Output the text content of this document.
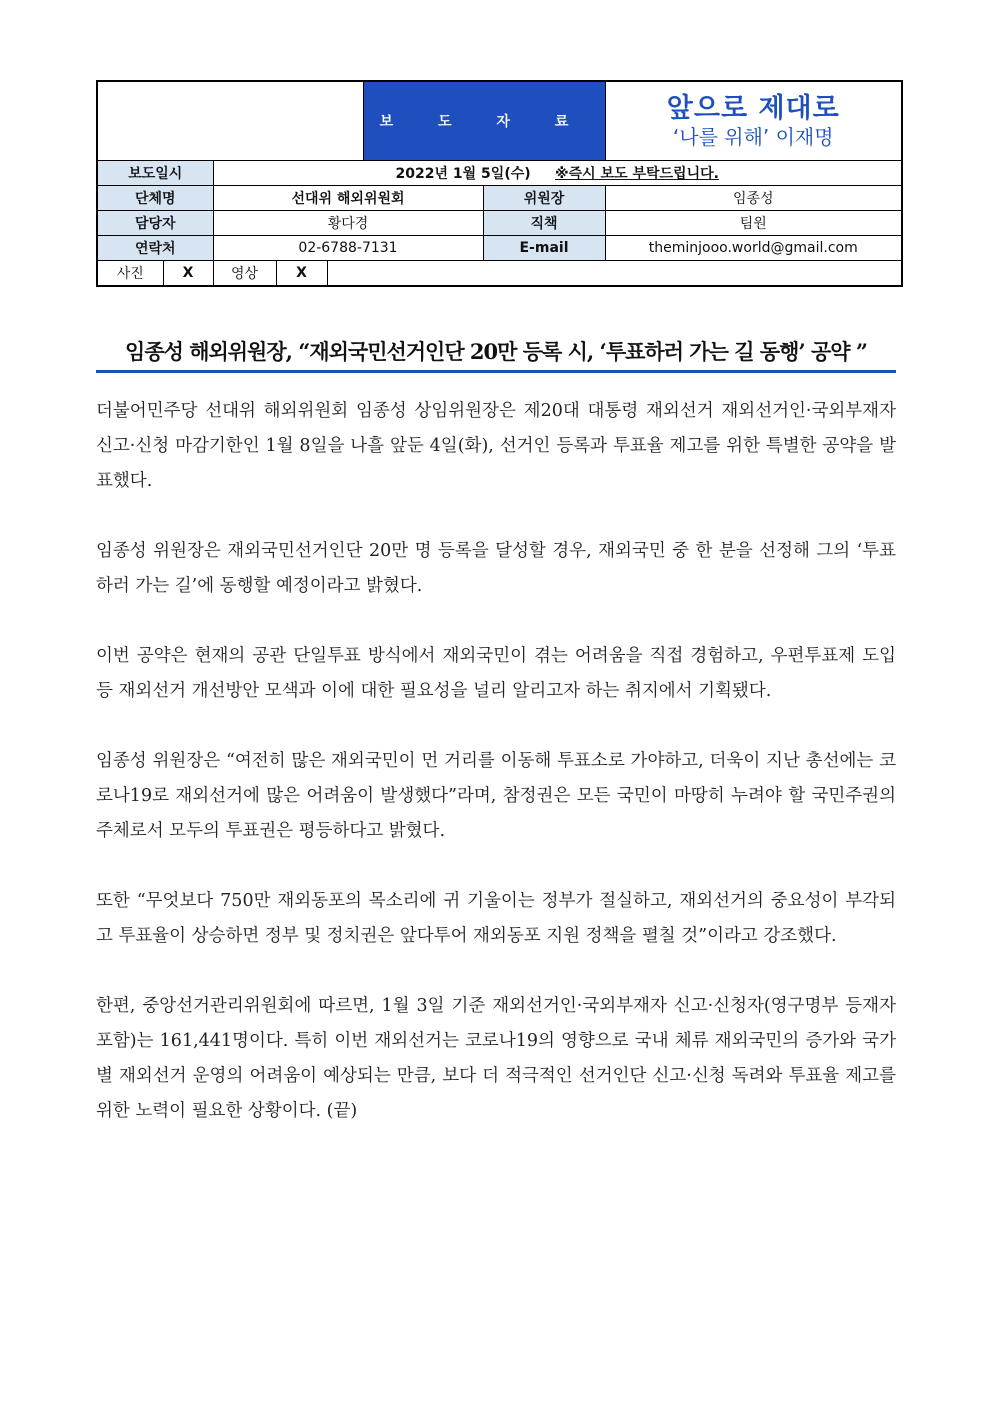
	보 도 자 료	앞으로 제대로
‘나를 위해’ 이재명

보도일시	2022년 1월 5일(수) ※즉시 보도 부탁드립니다.
단체명	선대위 해외위원회	위원장	임종성
담당자	황다경	직책	팀원
연락처	02-6788-7131	E-mail	theminjooo.world@gmail.com
사진	X		영상	X
임종성 해외위원장, “재외국민선거인단 20만 등록 시, ‘투표하러 가는 길 동행’ 공약 ”

더불어민주당 선대위 해외위원회 임종성 상임위원장은 제20대 대통령 재외선거 재외선거인·국외부재자 신고·신청 마감기한인 1월 8일을 나흘 앞둔 4일(화), 선거인 등록과 투표율 제고를 위한 특별한 공약을 발표했다.

임종성 위원장은 재외국민선거인단 20만 명 등록을 달성할 경우, 재외국민 중 한 분을 선정해 그의 ‘투표하러 가는 길’에 동행할 예정이라고 밝혔다.

이번 공약은 현재의 공관 단일투표 방식에서 재외국민이 겪는 어려움을 직접 경험하고, 우편투표제 도입 등 재외선거 개선방안 모색과 이에 대한 필요성을 널리 알리고자 하는 취지에서 기획됐다.

임종성 위원장은 “여전히 많은 재외국민이 먼 거리를 이동해 투표소로 가야하고, 더욱이 지난 총선에는 코로나19로 재외선거에 많은 어려움이 발생했다”라며, 참정권은 모든 국민이 마땅히 누려야 할 국민주권의 주체로서 모두의 투표권은 평등하다고 밝혔다.

또한 “무엇보다 750만 재외동포의 목소리에 귀 기울이는 정부가 절실하고, 재외선거의 중요성이 부각되고 투표율이 상승하면 정부 및 정치권은 앞다투어 재외동포 지원 정책을 펼칠 것”이라고 강조했다.

한편, 중앙선거관리위원회에 따르면, 1월 3일 기준 재외선거인·국외부재자 신고·신청자(영구명부 등재자 포함)는 161,441명이다. 특히 이번 재외선거는 코로나19의 영향으로 국내 체류 재외국민의 증가와 국가별 재외선거 운영의 어려움이 예상되는 만큼, 보다 더 적극적인 선거인단 신고·신청 독려와 투표율 제고를 위한 노력이 필요한 상황이다. (끝)
